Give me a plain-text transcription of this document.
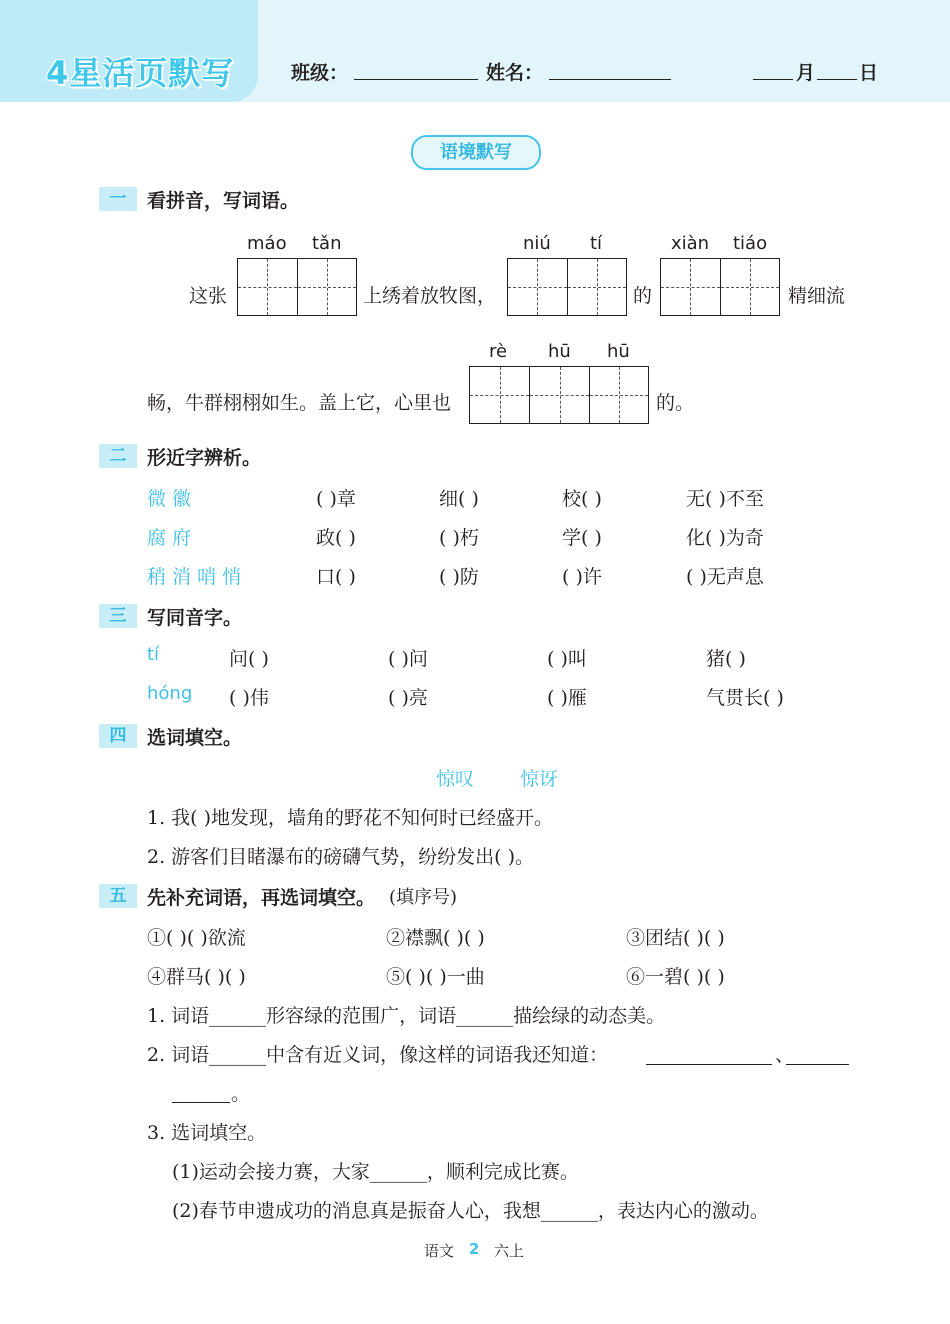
4星活页默写	班级：	姓名：	月 日
语境默写
一	看拼音，写词语。
máo tǎn	niú tí	xiàn tiáo
这张	上绣着放牧图，	的	精细流
rè hū hū
畅，牛群栩栩如生。盖上它，心里也	的。
二	形近字辨析。
微 徽	( )章	细( )	校( )	无( )不至
腐 府	政( )	( )朽	学( )	化( )为奇
稍 消 哨 悄	口( )	( )防	( )许	( )无声息
三	写同音字。
tí	问( )	( )问	( )叫	猪( )
hóng ( )伟	( )亮	( )雁	气贯长( )
四	选词填空。
惊叹 惊讶
1. 我( )地发现，墙角的野花不知何时已经盛开。
2. 游客们目睹瀑布的磅礴气势，纷纷发出( )。
五	先补充词语，再选词填空。 (填序号)
①( )( )欲流	②襟飘( )( )	③团结( )( )
④群马( )( )	⑤( )( )一曲	⑥一碧( )( )
1. 词语______形容绿的范围广，词语______描绘绿的动态美。
2. 词语______中含有近义词，像这样的词语我还知道：	、
。
3. 选词填空。
(1)运动会接力赛，大家______，顺利完成比赛。
(2)春节申遗成功的消息真是振奋人心，我想______，表达内心的激动。
语文 2 六上
